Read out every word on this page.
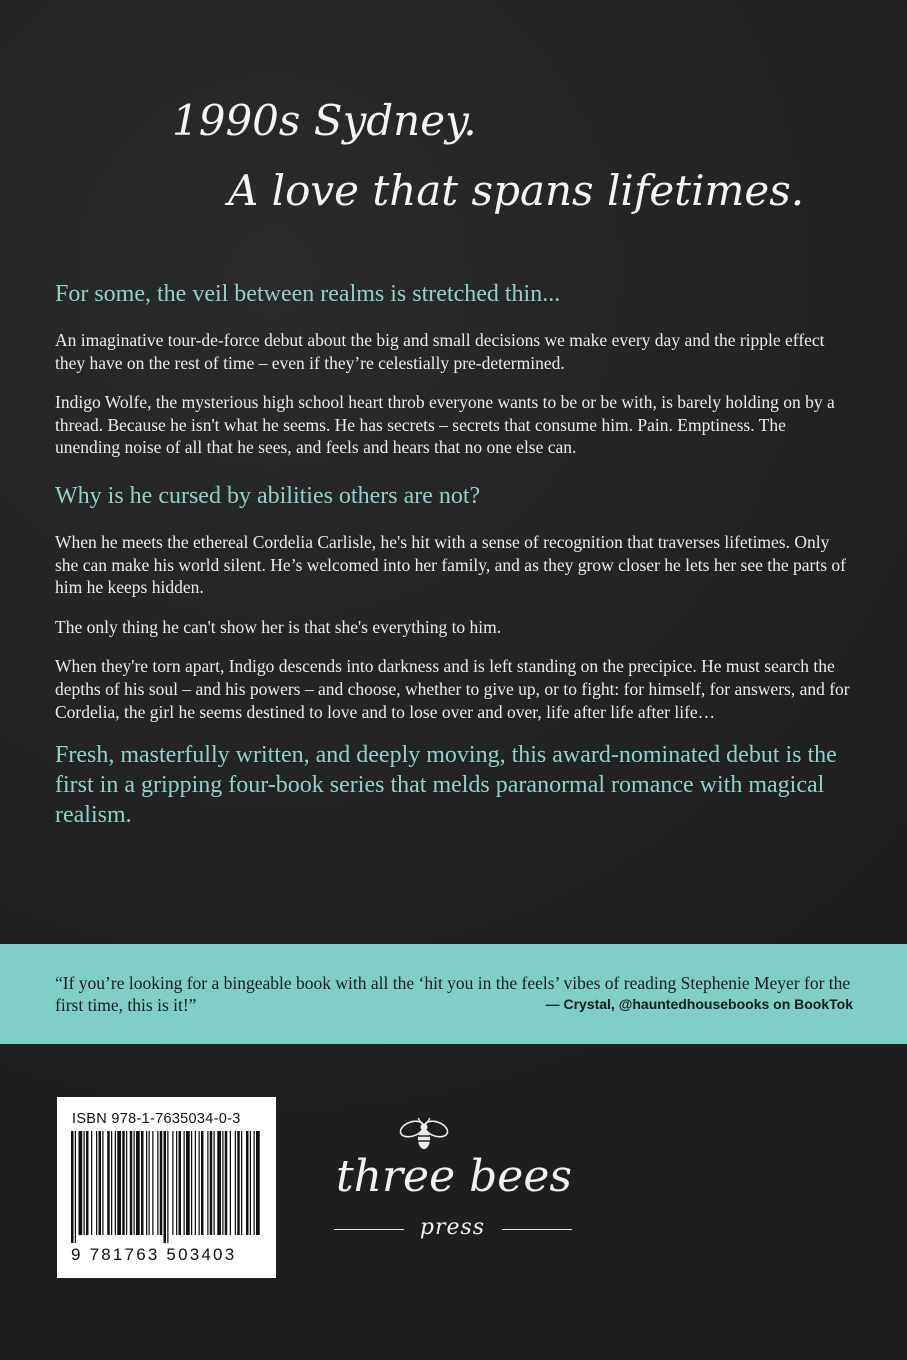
1990s Sydney.
A love that spans lifetimes.

For some, the veil between realms is stretched thin...

An imaginative tour-de-force debut about the big and small decisions we make every day and the ripple effect they have on the rest of time – even if they’re celestially pre-determined.

Indigo Wolfe, the mysterious high school heart throb everyone wants to be or be with, is barely holding on by a thread. Because he isn't what he seems. He has secrets – secrets that consume him. Pain. Emptiness. The unending noise of all that he sees, and feels and hears that no one else can.

Why is he cursed by abilities others are not?

When he meets the ethereal Cordelia Carlisle, he's hit with a sense of recognition that traverses lifetimes. Only she can make his world silent. He’s welcomed into her family, and as they grow closer he lets her see the parts of him he keeps hidden.

The only thing he can't show her is that she's everything to him.

When they're torn apart, Indigo descends into darkness and is left standing on the precipice. He must search the depths of his soul – and his powers – and choose, whether to give up, or to fight: for himself, for answers, and for Cordelia, the girl he seems destined to love and to lose over and over, life after life after life…

Fresh, masterfully written, and deeply moving, this award-nominated debut is the first in a gripping four-book series that melds paranormal romance with magical realism.

“If you’re looking for a bingeable book with all the ‘hit you in the feels’ vibes of reading Stephenie Meyer for the first time, this is it!”	— Crystal, @hauntedhousebooks on BookTok
ISBN 978-1-7635034-0-3
9 781763 503403
three bees
press
